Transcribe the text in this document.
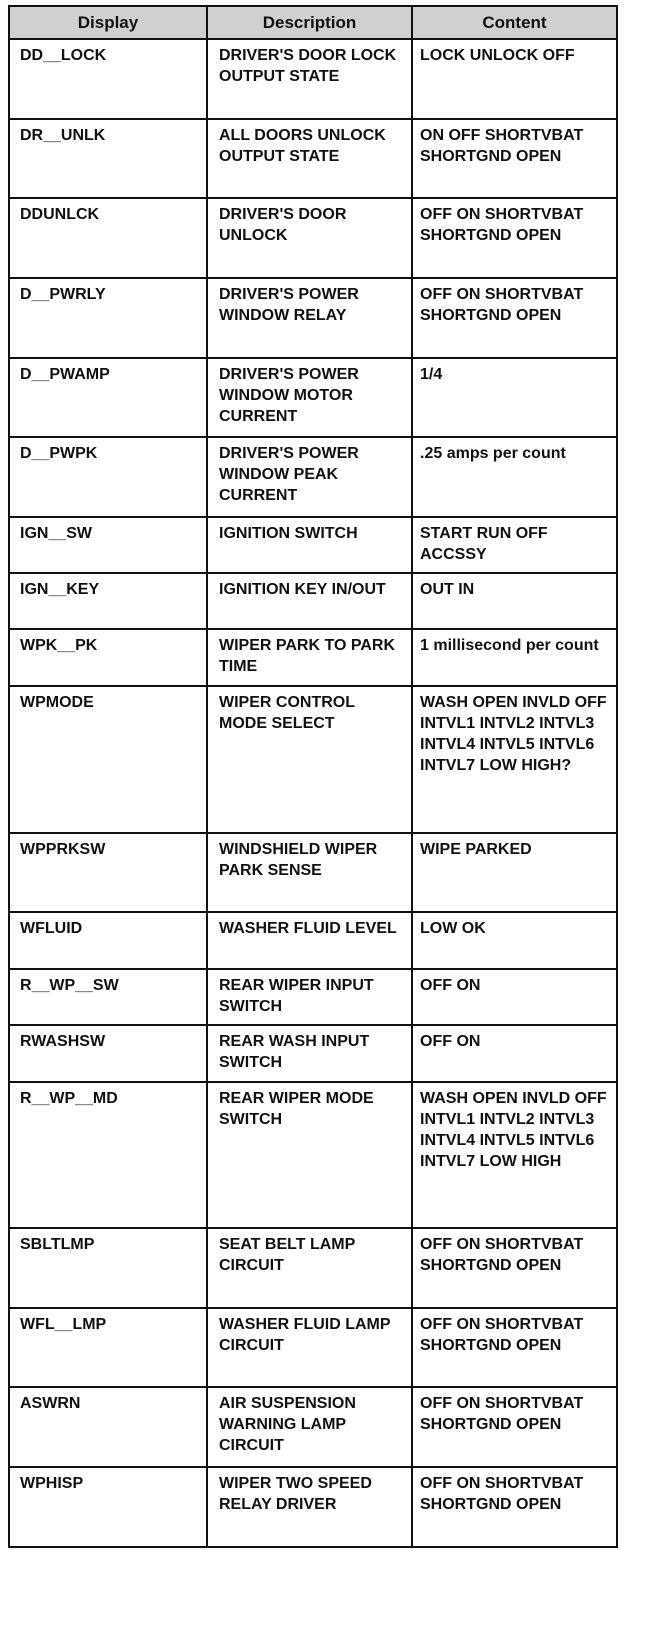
Display	Description	Content
DD__LOCK	DRIVER'S DOOR LOCK OUTPUT STATE	LOCK UNLOCK OFF
DR__UNLK	ALL DOORS UNLOCK OUTPUT STATE	ON OFF SHORTVBAT SHORTGND OPEN
DDUNLCK	DRIVER'S DOOR UNLOCK	OFF ON SHORTVBAT SHORTGND OPEN
D__PWRLY	DRIVER'S POWER WINDOW RELAY	OFF ON SHORTVBAT SHORTGND OPEN
D__PWAMP	DRIVER'S POWER WINDOW MOTOR CURRENT	1/4
D__PWPK	DRIVER'S POWER WINDOW PEAK CURRENT	.25 amps per count
IGN__SW	IGNITION SWITCH	START RUN OFF ACCSSY
IGN__KEY	IGNITION KEY IN/OUT	OUT IN
WPK__PK	WIPER PARK TO PARK TIME	1 millisecond per count
WPMODE	WIPER CONTROL MODE SELECT	WASH OPEN INVLD OFF INTVL1 INTVL2 INTVL3 INTVL4 INTVL5 INTVL6 INTVL7 LOW HIGH?
WPPRKSW	WINDSHIELD WIPER PARK SENSE	WIPE PARKED
WFLUID	WASHER FLUID LEVEL	LOW OK
R__WP__SW	REAR WIPER INPUT SWITCH	OFF ON
RWASHSW	REAR WASH INPUT SWITCH	OFF ON
R__WP__MD	REAR WIPER MODE SWITCH	WASH OPEN INVLD OFF INTVL1 INTVL2 INTVL3 INTVL4 INTVL5 INTVL6 INTVL7 LOW HIGH
SBLTLMP	SEAT BELT LAMP CIRCUIT	OFF ON SHORTVBAT SHORTGND OPEN
WFL__LMP	WASHER FLUID LAMP CIRCUIT	OFF ON SHORTVBAT SHORTGND OPEN
ASWRN	AIR SUSPENSION WARNING LAMP CIRCUIT	OFF ON SHORTVBAT SHORTGND OPEN
WPHISP	WIPER TWO SPEED RELAY DRIVER	OFF ON SHORTVBAT SHORTGND OPEN
